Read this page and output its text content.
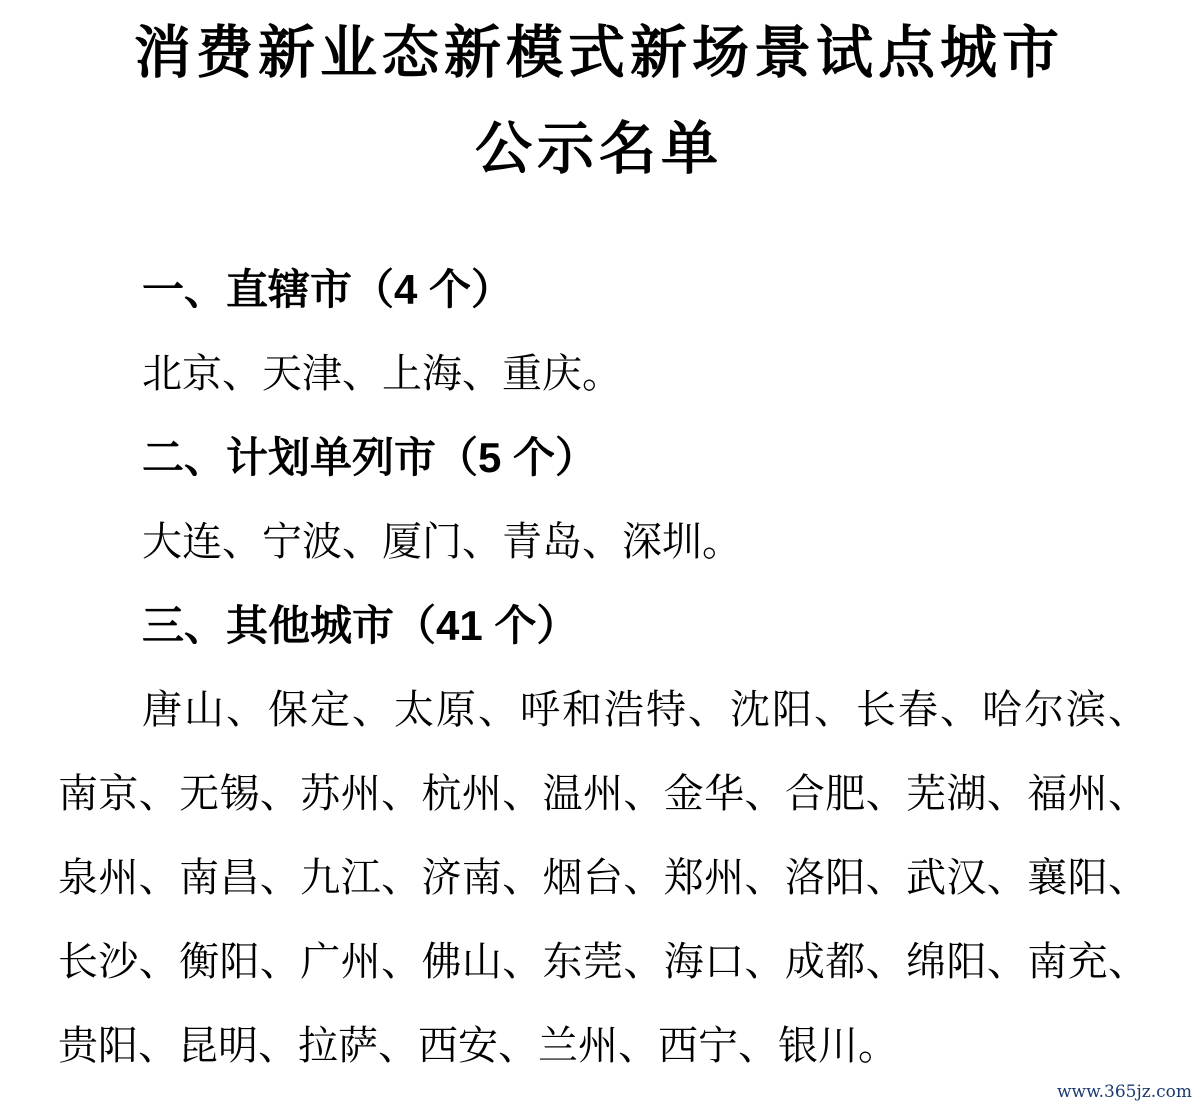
消费新业态新模式新场景试点城市
公示名单
一、直辖市（4 个）
北京、天津、上海、重庆。
二、计划单列市（5 个）
大连、宁波、厦门、青岛、深圳。
三、其他城市（41 个）
唐山、保定、太原、呼和浩特、沈阳、长春、哈尔滨、
南京、无锡、苏州、杭州、温州、金华、合肥、芜湖、福州、
泉州、南昌、九江、济南、烟台、郑州、洛阳、武汉、襄阳、
长沙、衡阳、广州、佛山、东莞、海口、成都、绵阳、南充、
贵阳、昆明、拉萨、西安、兰州、西宁、银川。
www.365jz.com
